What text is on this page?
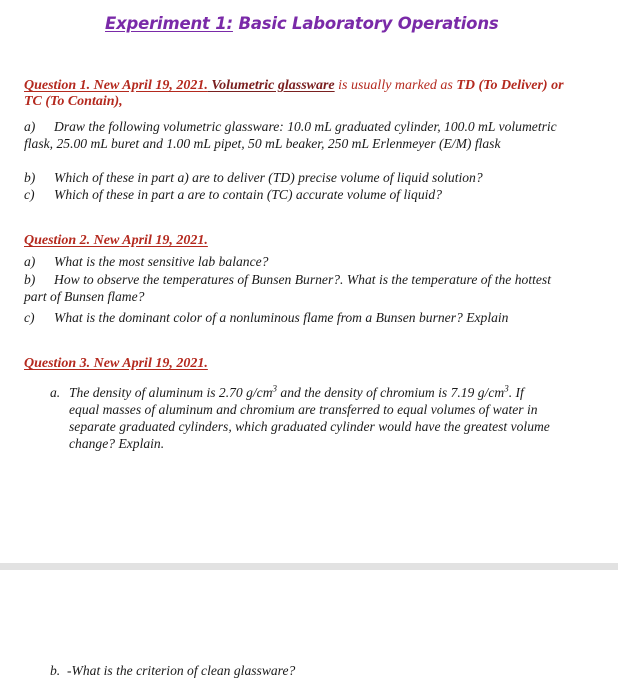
Experiment 1: Basic Laboratory Operations
Question 1. New April 19, 2021. Volumetric glassware is usually marked as TD (To Deliver) or TC (To Contain),
a) Draw the following volumetric glassware: 10.0 mL graduated cylinder, 100.0 mL volumetric flask, 25.00 mL buret and 1.00 mL pipet, 50 mL beaker, 250 mL Erlenmeyer (E/M) flask
b) Which of these in part a) are to deliver (TD) precise volume of liquid solution?
c) Which of these in part a are to contain (TC) accurate volume of liquid?
Question 2. New April 19, 2021.
a) What is the most sensitive lab balance?
b) How to observe the temperatures of Bunsen Burner?. What is the temperature of the hottest part of Bunsen flame?
c) What is the dominant color of a nonluminous flame from a Bunsen burner? Explain
Question 3. New April 19, 2021.
a. The density of aluminum is 2.70 $g/cm^3$ and the density of chromium is 7.19 $g/cm^3$. If equal masses of aluminum and chromium are transferred to equal volumes of water in separate graduated cylinders, which graduated cylinder would have the greatest volume change? Explain.
b. -What is the criterion of clean glassware?
